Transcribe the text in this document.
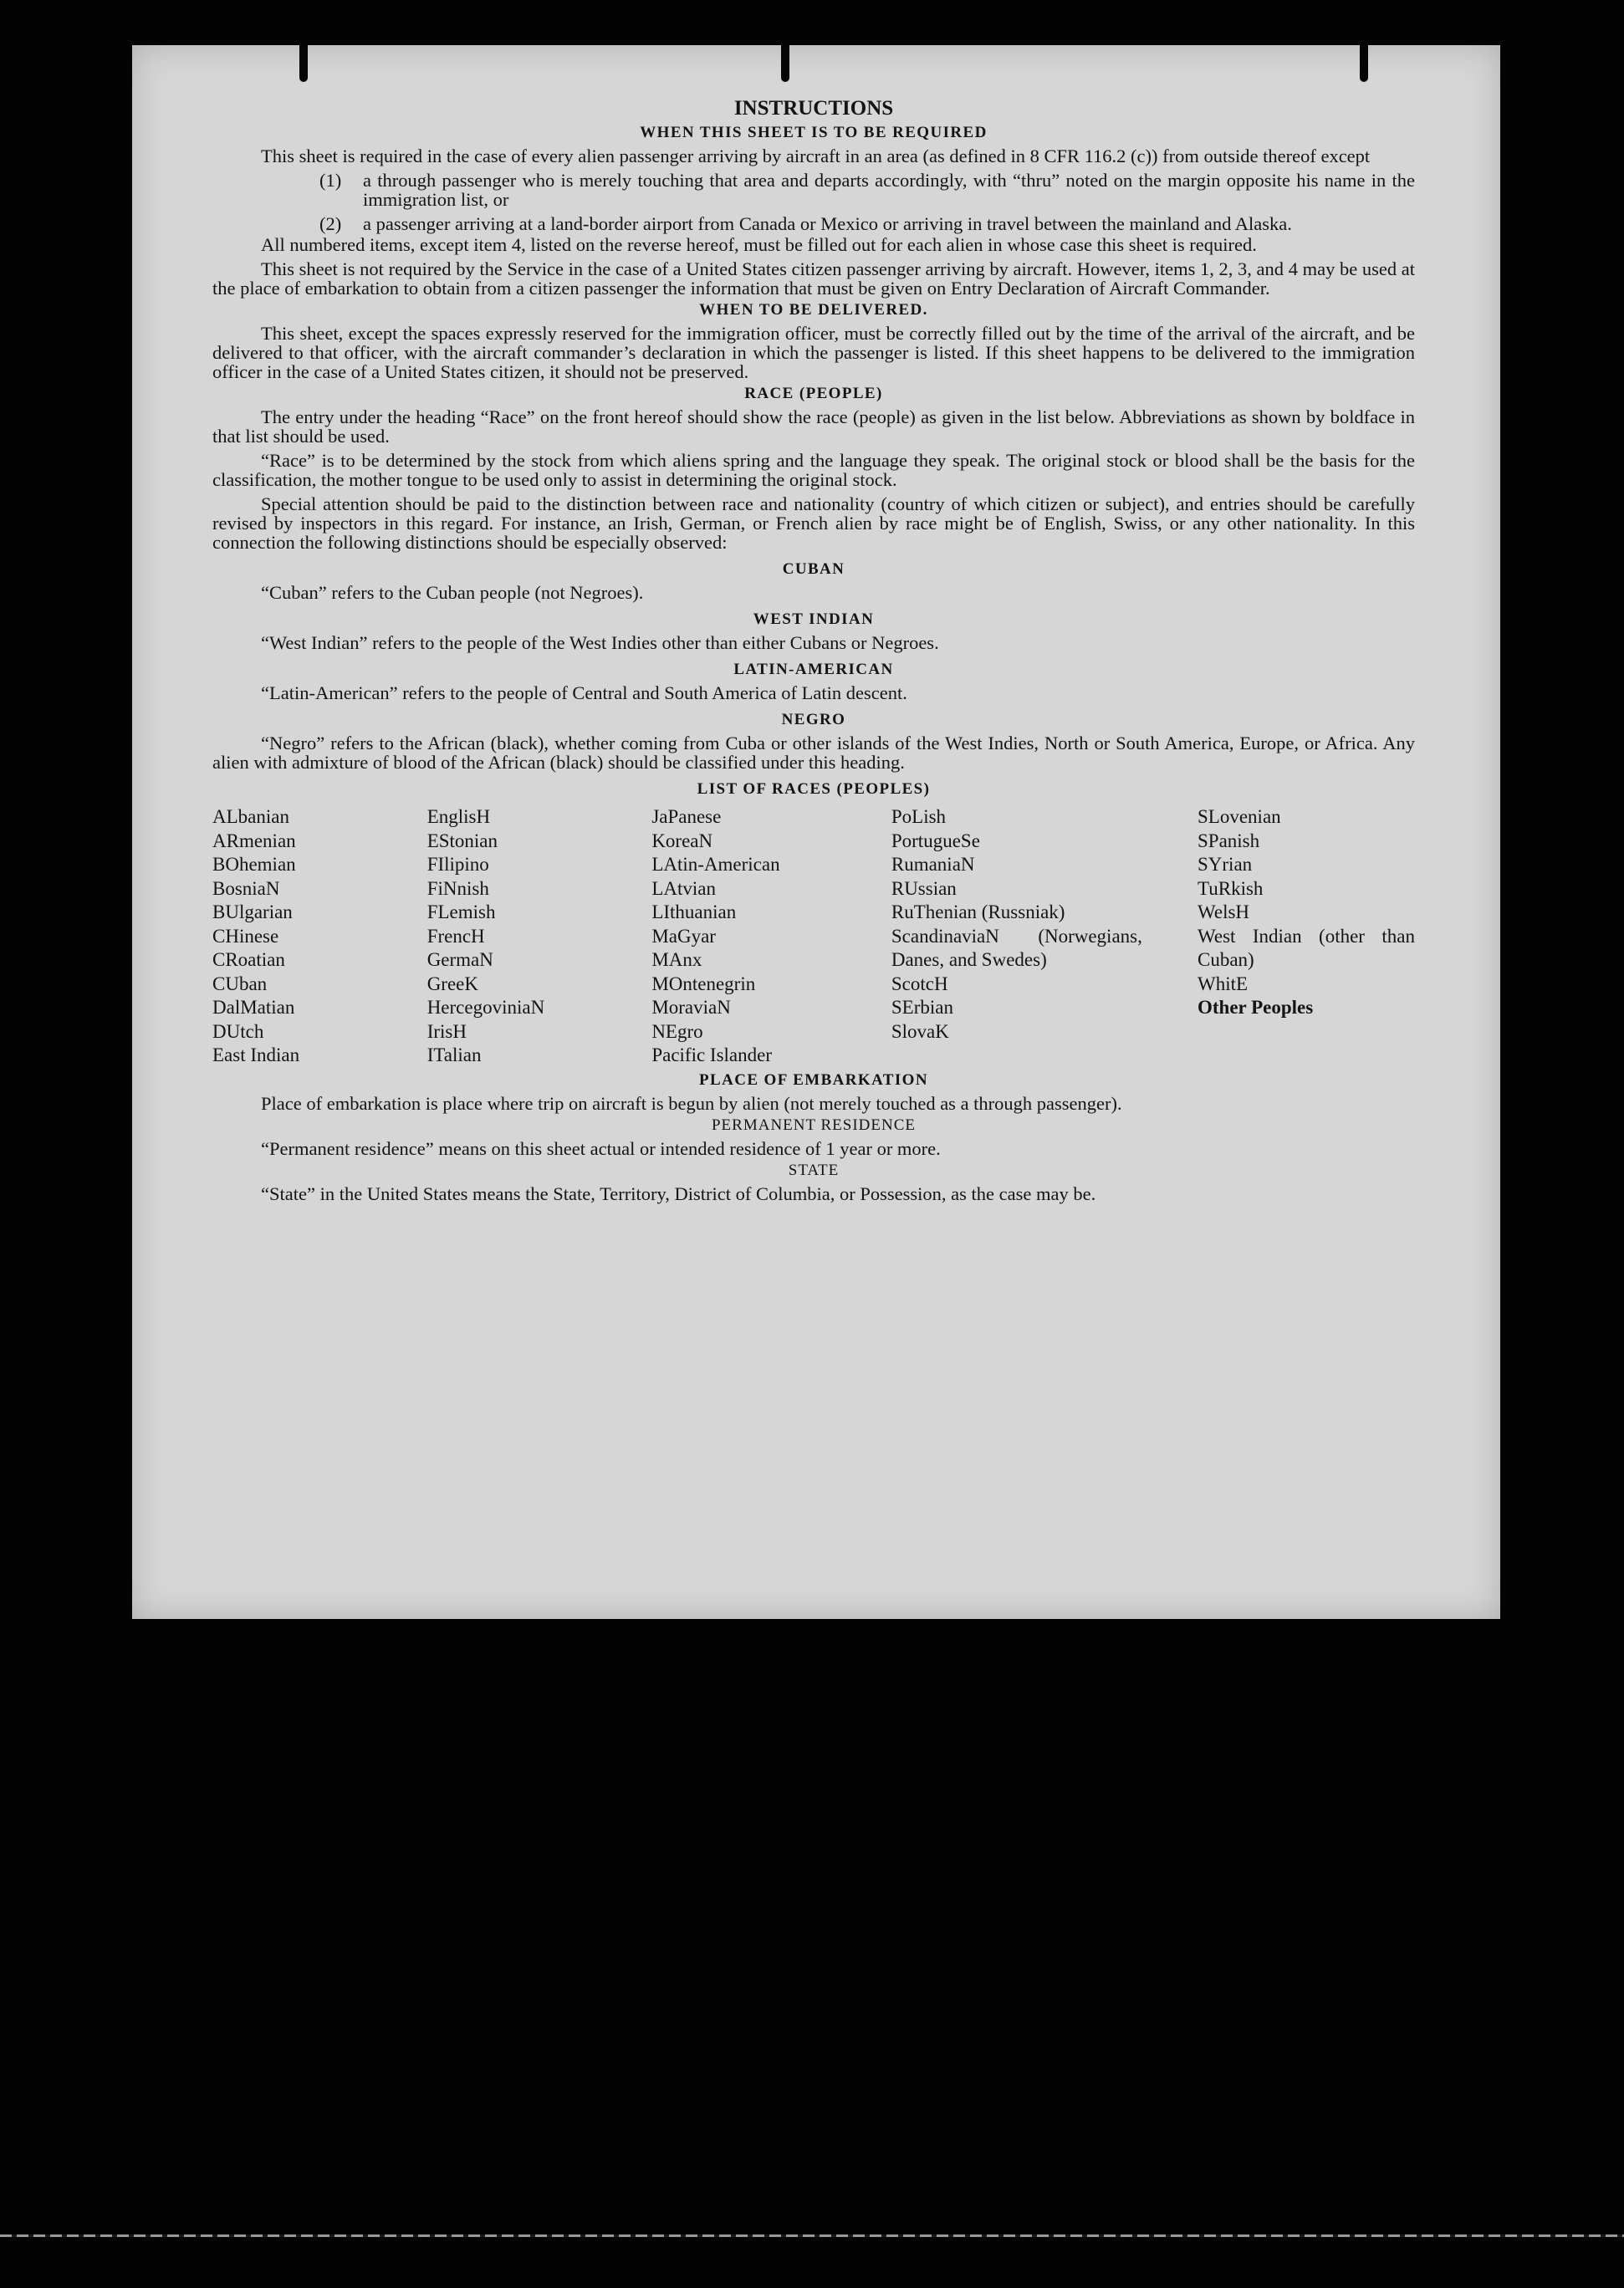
INSTRUCTIONS
WHEN THIS SHEET IS TO BE REQUIRED

This sheet is required in the case of every alien passenger arriving by aircraft in an area (as defined in 8 CFR 116.2 (c)) from outside thereof except

(1)	a through passenger who is merely touching that area and departs accordingly, with “thru” noted on the margin opposite his name in the immigration list, or
(2)	a passenger arriving at a land-border airport from Canada or Mexico or arriving in travel between the mainland and Alaska.

All numbered items, except item 4, listed on the reverse hereof, must be filled out for each alien in whose case this sheet is required.

This sheet is not required by the Service in the case of a United States citizen passenger arriving by aircraft. However, items 1, 2, 3, and 4 may be used at the place of embarkation to obtain from a citizen passenger the information that must be given on Entry Declaration of Aircraft Commander.

WHEN TO BE DELIVERED.

This sheet, except the spaces expressly reserved for the immigration officer, must be correctly filled out by the time of the arrival of the aircraft, and be delivered to that officer, with the aircraft commander’s declaration in which the passenger is listed. If this sheet happens to be delivered to the immigration officer in the case of a United States citizen, it should not be preserved.

RACE (PEOPLE)

The entry under the heading “Race” on the front hereof should show the race (people) as given in the list below. Abbreviations as shown by boldface in that list should be used.

“Race” is to be determined by the stock from which aliens spring and the language they speak. The original stock or blood shall be the basis for the classification, the mother tongue to be used only to assist in determining the original stock.

Special attention should be paid to the distinction between race and nationality (country of which citizen or subject), and entries should be carefully revised by inspectors in this regard. For instance, an Irish, German, or French alien by race might be of English, Swiss, or any other nationality. In this connection the following distinctions should be especially observed:

CUBAN

“Cuban” refers to the Cuban people (not Negroes).

WEST INDIAN

“West Indian” refers to the people of the West Indies other than either Cubans or Negroes.

LATIN-AMERICAN

“Latin-American” refers to the people of Central and South America of Latin descent.

NEGRO

“Negro” refers to the African (black), whether coming from Cuba or other islands of the West Indies, North or South America, Europe, or Africa. Any alien with admixture of blood of the African (black) should be classified under this heading.

LIST OF RACES (PEOPLES)
ALbanian
ARmenian
BOhemian
BosniaN
BUlgarian
CHinese
CRoatian
CUban
DalMatian
DUtch
East Indian
EnglisH
EStonian
FIlipino
FiNnish
FLemish
FrencH
GermaN
GreeK
HercegoviniaN
IrisH
ITalian
JaPanese
KoreaN
LAtin-American
LAtvian
LIthuanian
MaGyar
MAnx
MOntenegrin
MoraviaN
NEgro
Pacific Islander
PoLish
PortugueSe
RumaniaN
RUssian
RuThenian (Russniak)
ScandinaviaN (Norwegians, Danes, and Swedes)
ScotcH
SErbian
SlovaK
SLovenian
SPanish
SYrian
TuRkish
WelsH
West Indian (other than Cuban)
WhitE
Other Peoples
PLACE OF EMBARKATION

Place of embarkation is place where trip on aircraft is begun by alien (not merely touched as a through passenger).

PERMANENT RESIDENCE

“Permanent residence” means on this sheet actual or intended residence of 1 year or more.

STATE

“State” in the United States means the State, Territory, District of Columbia, or Possession, as the case may be.
